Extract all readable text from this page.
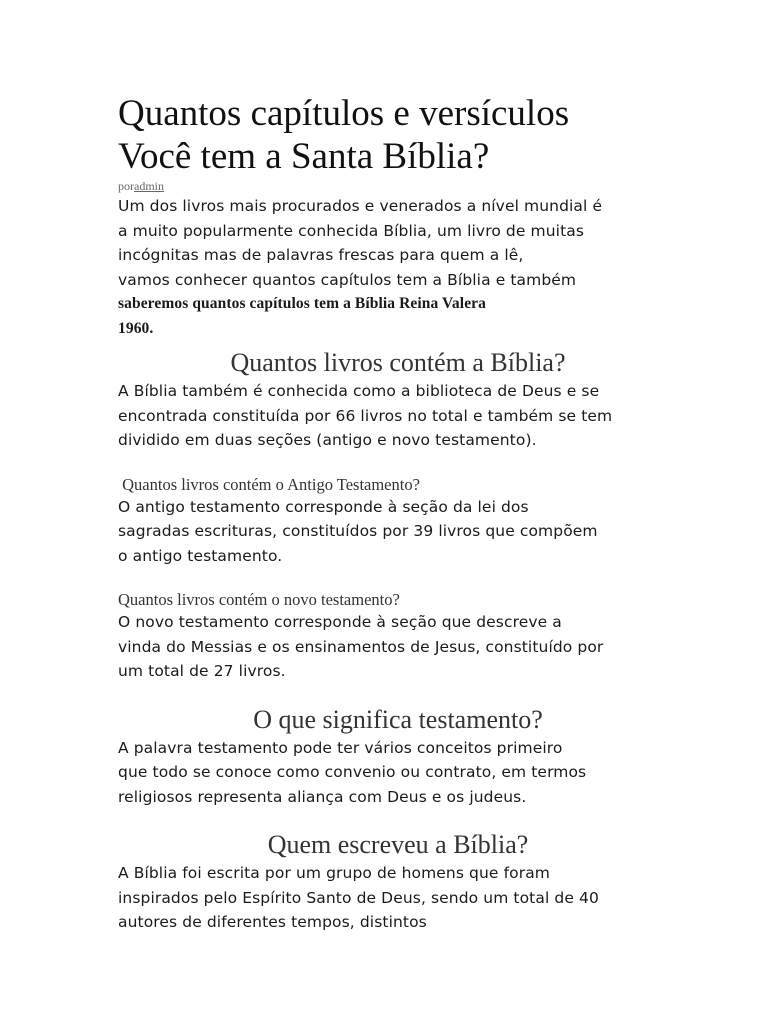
Quantos capítulos e versículos
Você tem a Santa Bíblia?
poradmin

Um dos livros mais procurados e venerados a nível mundial é
a muito popularmente conhecida Bíblia, um livro de muitas
incógnitas mas de palavras frescas para quem a lê,
vamos conhecer quantos capítulos tem a Bíblia e também
saberemos quantos capítulos tem a Bíblia Reina Valera
1960.

Quantos livros contém a Bíblia?

A Bíblia também é conhecida como a biblioteca de Deus e se
encontrada constituída por 66 livros no total e também se tem
dividido em duas seções (antigo e novo testamento).

Quantos livros contém o Antigo Testamento?

O antigo testamento corresponde à seção da lei dos
sagradas escrituras, constituídos por 39 livros que compõem
o antigo testamento.

Quantos livros contém o novo testamento?

O novo testamento corresponde à seção que descreve a
vinda do Messias e os ensinamentos de Jesus, constituído por
um total de 27 livros.

O que significa testamento?

A palavra testamento pode ter vários conceitos primeiro
que todo se conoce como convenio ou contrato, em termos
religiosos representa aliança com Deus e os judeus.

Quem escreveu a Bíblia?

A Bíblia foi escrita por um grupo de homens que foram
inspirados pelo Espírito Santo de Deus, sendo um total de 40
autores de diferentes tempos, distintos
